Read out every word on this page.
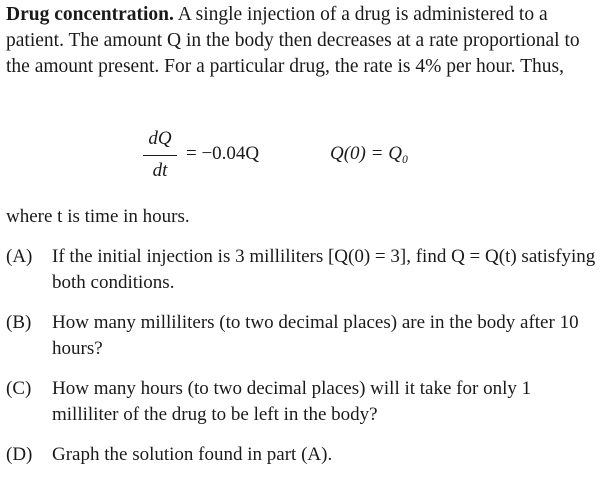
Drug concentration. A single injection of a drug is administered to a patient. The amount Q in the body then decreases at a rate proportional to the amount present. For a particular drug, the rate is 4% per hour. Thus,

dQ
dt
= −0.04Q	Q(0) = Q₀

where t is time in hours.

(A) If the initial injection is 3 milliliters [Q(0) = 3], find Q = Q(t) satisfying both conditions.
(B) How many milliliters (to two decimal places) are in the body after 10 hours?
(C) How many hours (to two decimal places) will it take for only 1 milliliter of the drug to be left in the body?
(D) Graph the solution found in part (A).
